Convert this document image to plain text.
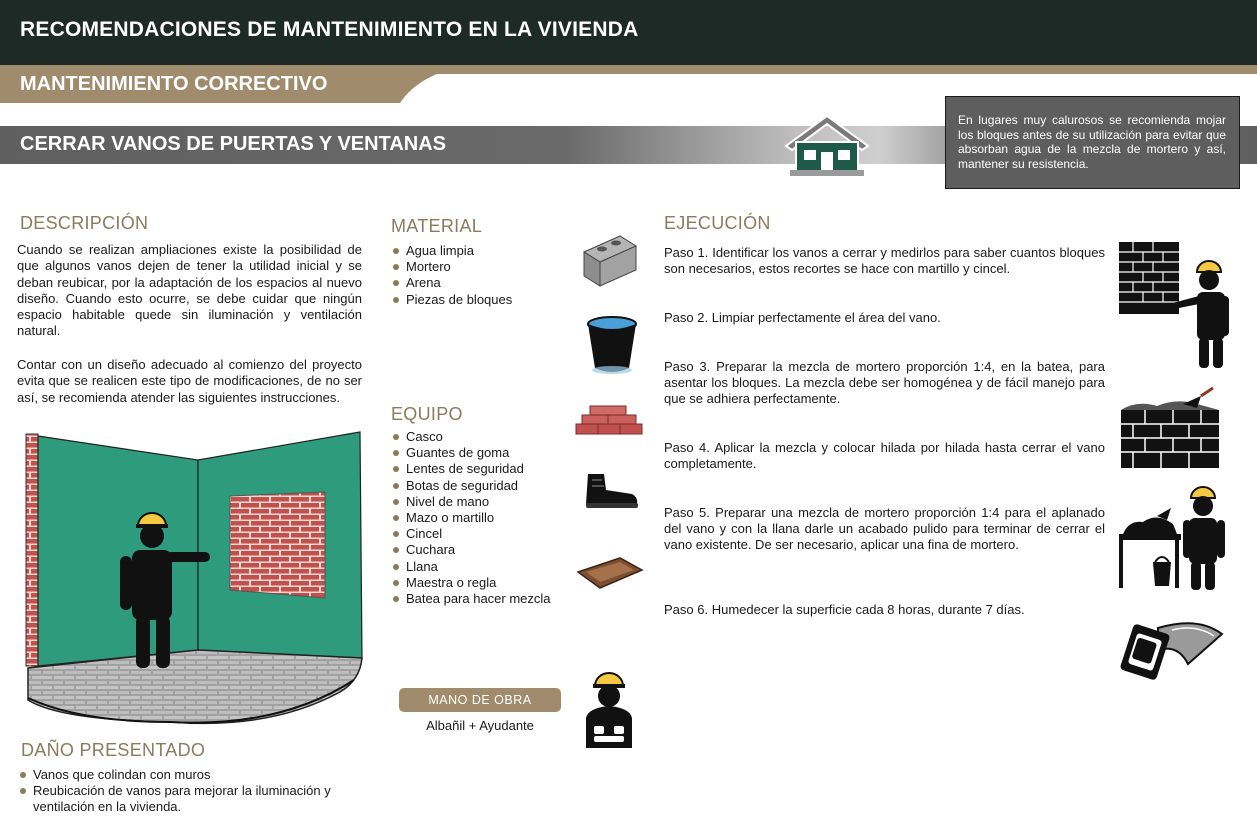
RECOMENDACIONES DE MANTENIMIENTO EN LA VIVIENDA
MANTENIMIENTO CORRECTIVO
CERRAR VANOS DE PUERTAS Y VENTANAS
En lugares muy calurosos se recomienda mojar los bloques antes de su utilización para evitar que absorban agua de la mezcla de mortero y así, mantener su resistencia.
DESCRIPCIÓN
Cuando se realizan ampliaciones existe la posibilidad de que algunos vanos dejen de tener la utilidad inicial y se deban reubicar, por la adaptación de los espacios al nuevo diseño. Cuando esto ocurre, se debe cuidar que ningún espacio habitable quede sin iluminación y ventilación natural.
Contar con un diseño adecuado al comienzo del proyecto evita que se realicen este tipo de modificaciones, de no ser así, se recomienda atender las siguientes instrucciones.
DAÑO PRESENTADO
Vanos que colindan con muros
Reubicación de vanos para mejorar la iluminación y ventilación en la vivienda.
MATERIAL
Agua limpia
Mortero
Arena
Piezas de bloques
EQUIPO
Casco
Guantes de goma
Lentes de seguridad
Botas de seguridad
Nivel de mano
Mazo o martillo
Cincel
Cuchara
Llana
Maestra o regla
Batea para hacer mezcla
MANO DE OBRA
Albañil + Ayudante
EJECUCIÓN
Paso 1. Identificar los vanos a cerrar y medirlos para saber cuantos bloques son necesarios, estos recortes se hace con martillo y cincel.
Paso 2. Limpiar perfectamente el área del vano.
Paso 3. Preparar la mezcla de mortero proporción 1:4, en la batea, para asentar los bloques. La mezcla debe ser homogénea y de fácil manejo para que se adhiera perfectamente.
Paso 4. Aplicar la mezcla y colocar hilada por hilada hasta cerrar el vano completamente.
Paso 5. Preparar una mezcla de mortero proporción 1:4 para el aplanado del vano y con la llana darle un acabado pulido para terminar de cerrar el vano existente. De ser necesario, aplicar una fina de mortero.
Paso 6. Humedecer la superficie cada 8 horas, durante 7 días.
